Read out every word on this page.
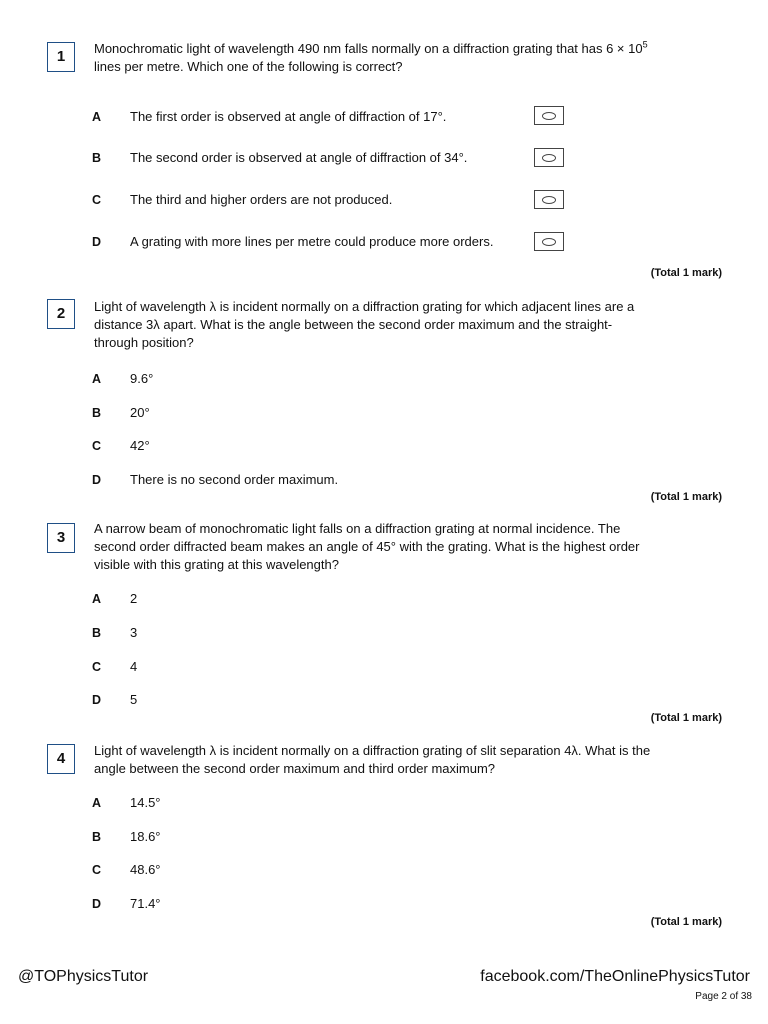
1	Monochromatic light of wavelength 490 nm falls normally on a diffraction grating that has $6 \times 10^5$
lines per metre. Which one of the following is correct?
A The first order is observed at angle of diffraction of 17°.
B The second order is observed at angle of diffraction of 34°.
C The third and higher orders are not produced.
D A grating with more lines per metre could produce more orders.
(Total 1 mark)
2	Light of wavelength λ is incident normally on a diffraction grating for which adjacent lines are a
distance 3λ apart. What is the angle between the second order maximum and the straight-
through position?
A 9.6°
B 20°
C 42°
D There is no second order maximum.
(Total 1 mark)
3
A narrow beam of monochromatic light falls on a diffraction grating at normal incidence. The
second order diffracted beam makes an angle of 45° with the grating. What is the highest order
visible with this grating at this wavelength?
A 2
B 3
C 4
D 5
(Total 1 mark)
4	Light of wavelength λ is incident normally on a diffraction grating of slit separation 4λ. What is the
angle between the second order maximum and third order maximum?
A 14.5°
B 18.6°
C 48.6°
D 71.4°
(Total 1 mark)
@TOPhysicsTutor	facebook.com/TheOnlinePhysicsTutor
Page 2 of 38
